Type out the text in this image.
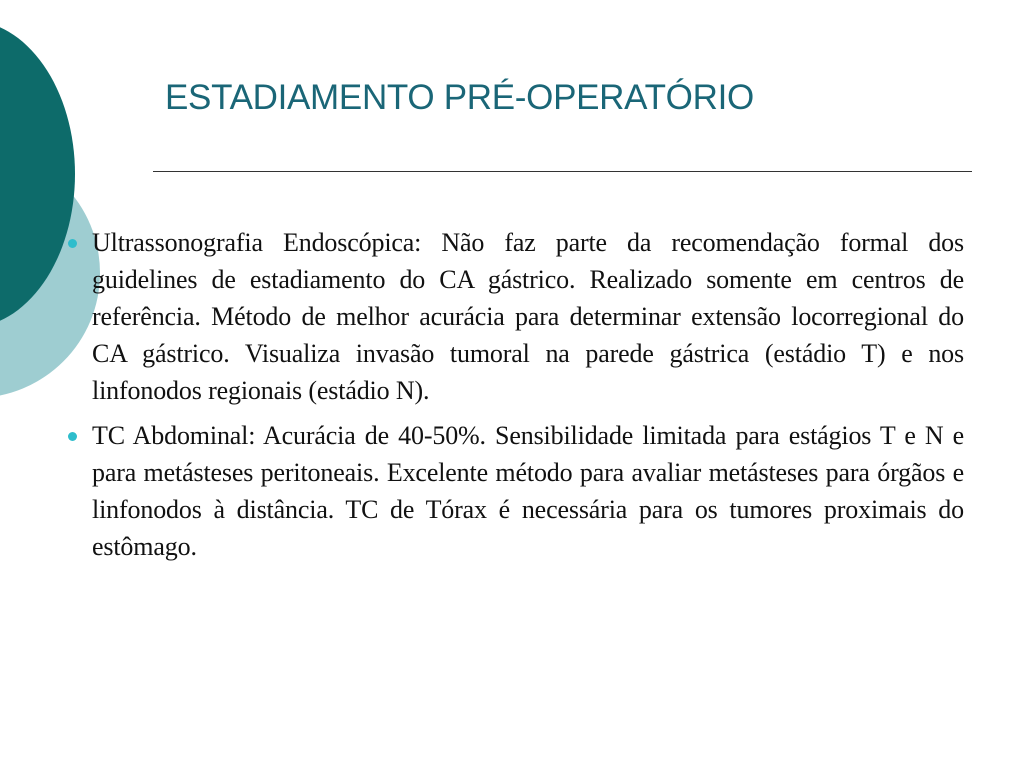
ESTADIAMENTO PRÉ-OPERATÓRIO
Ultrassonografia Endoscópica: Não faz parte da recomendação formal dos guidelines de estadiamento do CA gástrico. Realizado somente em centros de referência. Método de melhor acurácia para determinar extensão locorregional do CA gástrico. Visualiza invasão tumoral na parede gástrica (estádio T) e nos linfonodos regionais (estádio N).
TC Abdominal: Acurácia de 40-50%. Sensibilidade limitada para estágios T e N e para metásteses peritoneais. Excelente método para avaliar metásteses para órgãos e linfonodos à distância. TC de Tórax é necessária para os tumores proximais do estômago.
